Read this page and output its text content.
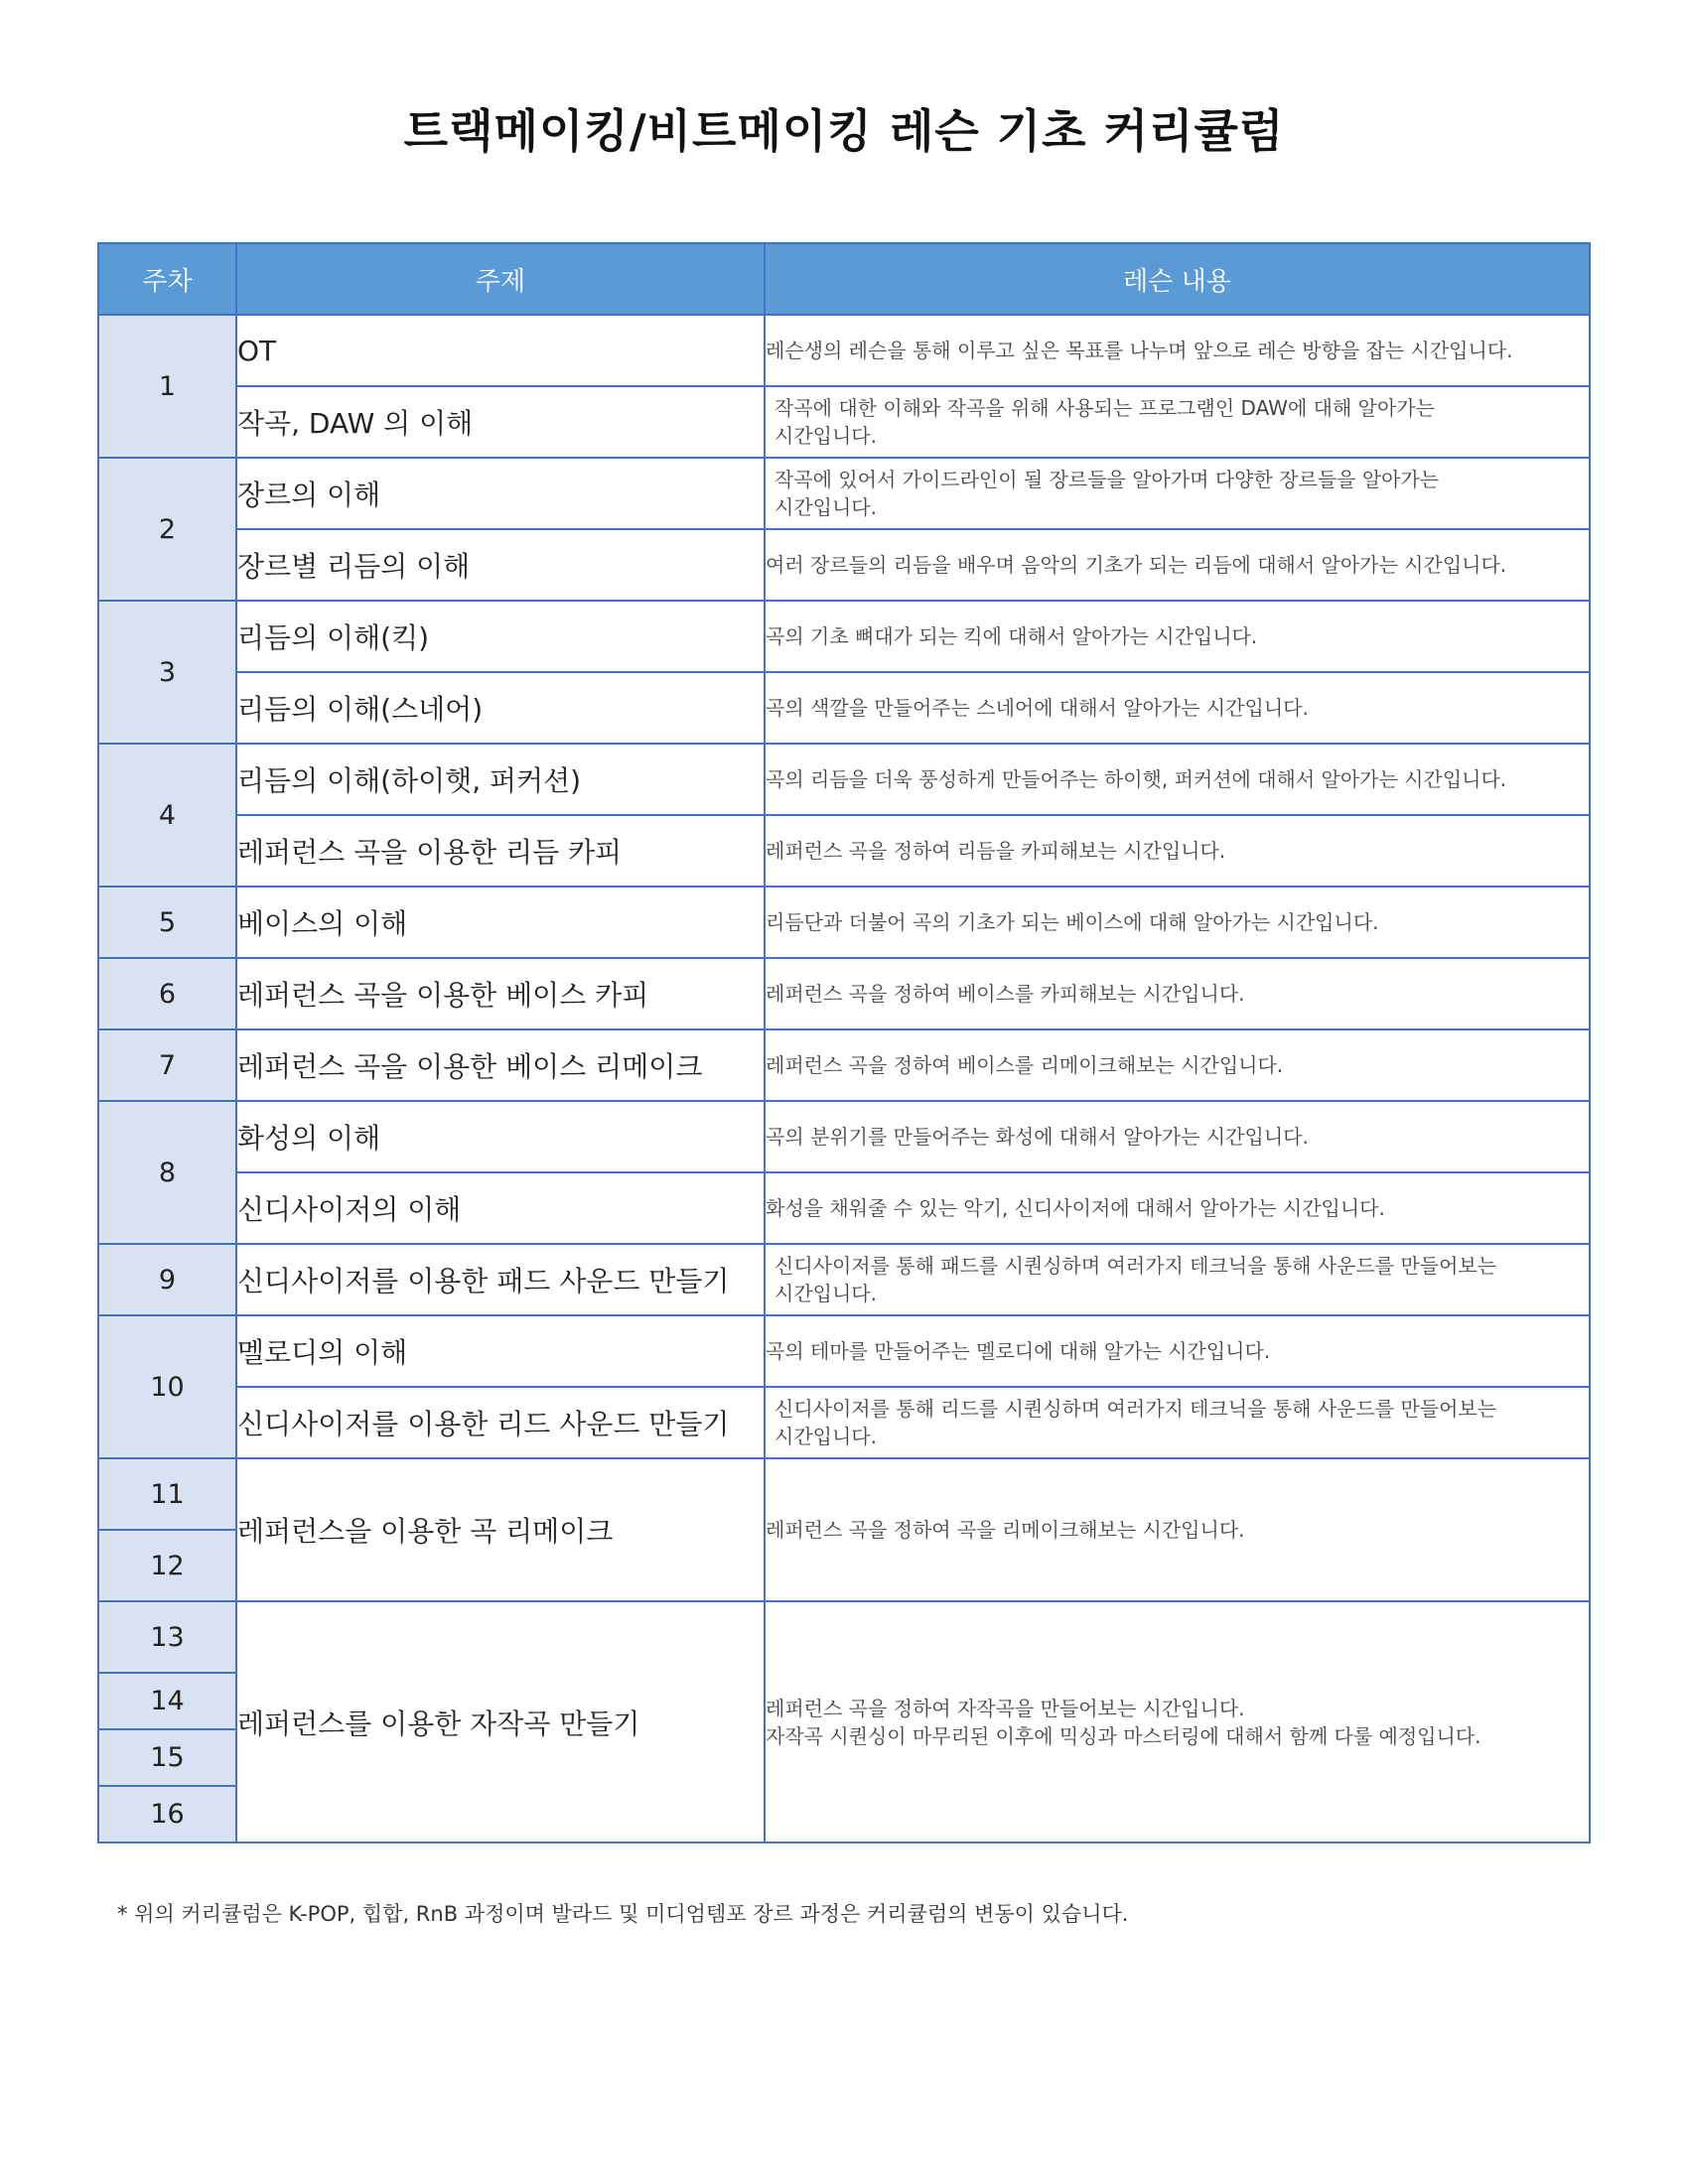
트랙메이킹/비트메이킹 레슨 기초 커리큘럼
주차	주제	레슨 내용
1	OT	레슨생의 레슨을 통해 이루고 싶은 목표를 나누며 앞으로 레슨 방향을 잡는 시간입니다.

	작곡, DAW 의 이해	작곡에 대한 이해와 작곡을 위해 사용되는 프로그램인 DAW에 대해 알아가는
시간입니다.

2	장르의 이해	작곡에 있어서 가이드라인이 될 장르들을 알아가며 다양한 장르들을 알아가는
시간입니다.

	장르별 리듬의 이해	여러 장르들의 리듬을 배우며 음악의 기초가 되는 리듬에 대해서 알아가는 시간입니다.

3	리듬의 이해(킥)	곡의 기초 뼈대가 되는 킥에 대해서 알아가는 시간입니다.

	리듬의 이해(스네어)	곡의 색깔을 만들어주는 스네어에 대해서 알아가는 시간입니다.

4	리듬의 이해(하이햇, 퍼커션)	곡의 리듬을 더욱 풍성하게 만들어주는 하이햇, 퍼커션에 대해서 알아가는 시간입니다.

	레퍼런스 곡을 이용한 리듬 카피	레퍼런스 곡을 정하여 리듬을 카피해보는 시간입니다.

5	베이스의 이해	리듬단과 더불어 곡의 기초가 되는 베이스에 대해 알아가는 시간입니다.

6	레퍼런스 곡을 이용한 베이스 카피	레퍼런스 곡을 정하여 베이스를 카피해보는 시간입니다.

7	레퍼런스 곡을 이용한 베이스 리메이크	레퍼런스 곡을 정하여 베이스를 리메이크해보는 시간입니다.

8	화성의 이해	곡의 분위기를 만들어주는 화성에 대해서 알아가는 시간입니다.

	신디사이저의 이해	화성을 채워줄 수 있는 악기, 신디사이저에 대해서 알아가는 시간입니다.

9	신디사이저를 이용한 패드 사운드 만들기	신디사이저를 통해 패드를 시퀀싱하며 여러가지 테크닉을 통해 사운드를 만들어보는
시간입니다.

10	멜로디의 이해	곡의 테마를 만들어주는 멜로디에 대해 알가는 시간입니다.

	신디사이저를 이용한 리드 사운드 만들기	신디사이저를 통해 리드를 시퀀싱하며 여러가지 테크닉을 통해 사운드를 만들어보는
시간입니다.

11	레퍼런스을 이용한 곡 리메이크	레퍼런스 곡을 정하여 곡을 리메이크해보는 시간입니다.

12		
13	레퍼런스를 이용한 자작곡 만들기	레퍼런스 곡을 정하여 자작곡을 만들어보는 시간입니다.
자작곡 시퀀싱이 마무리된 이후에 믹싱과 마스터링에 대해서 함께 다룰 예정입니다.

14		
15		
16		
* 위의 커리큘럼은 K-POP, 힙합, RnB 과정이며 발라드 및 미디엄템포 장르 과정은 커리큘럼의 변동이 있습니다.
